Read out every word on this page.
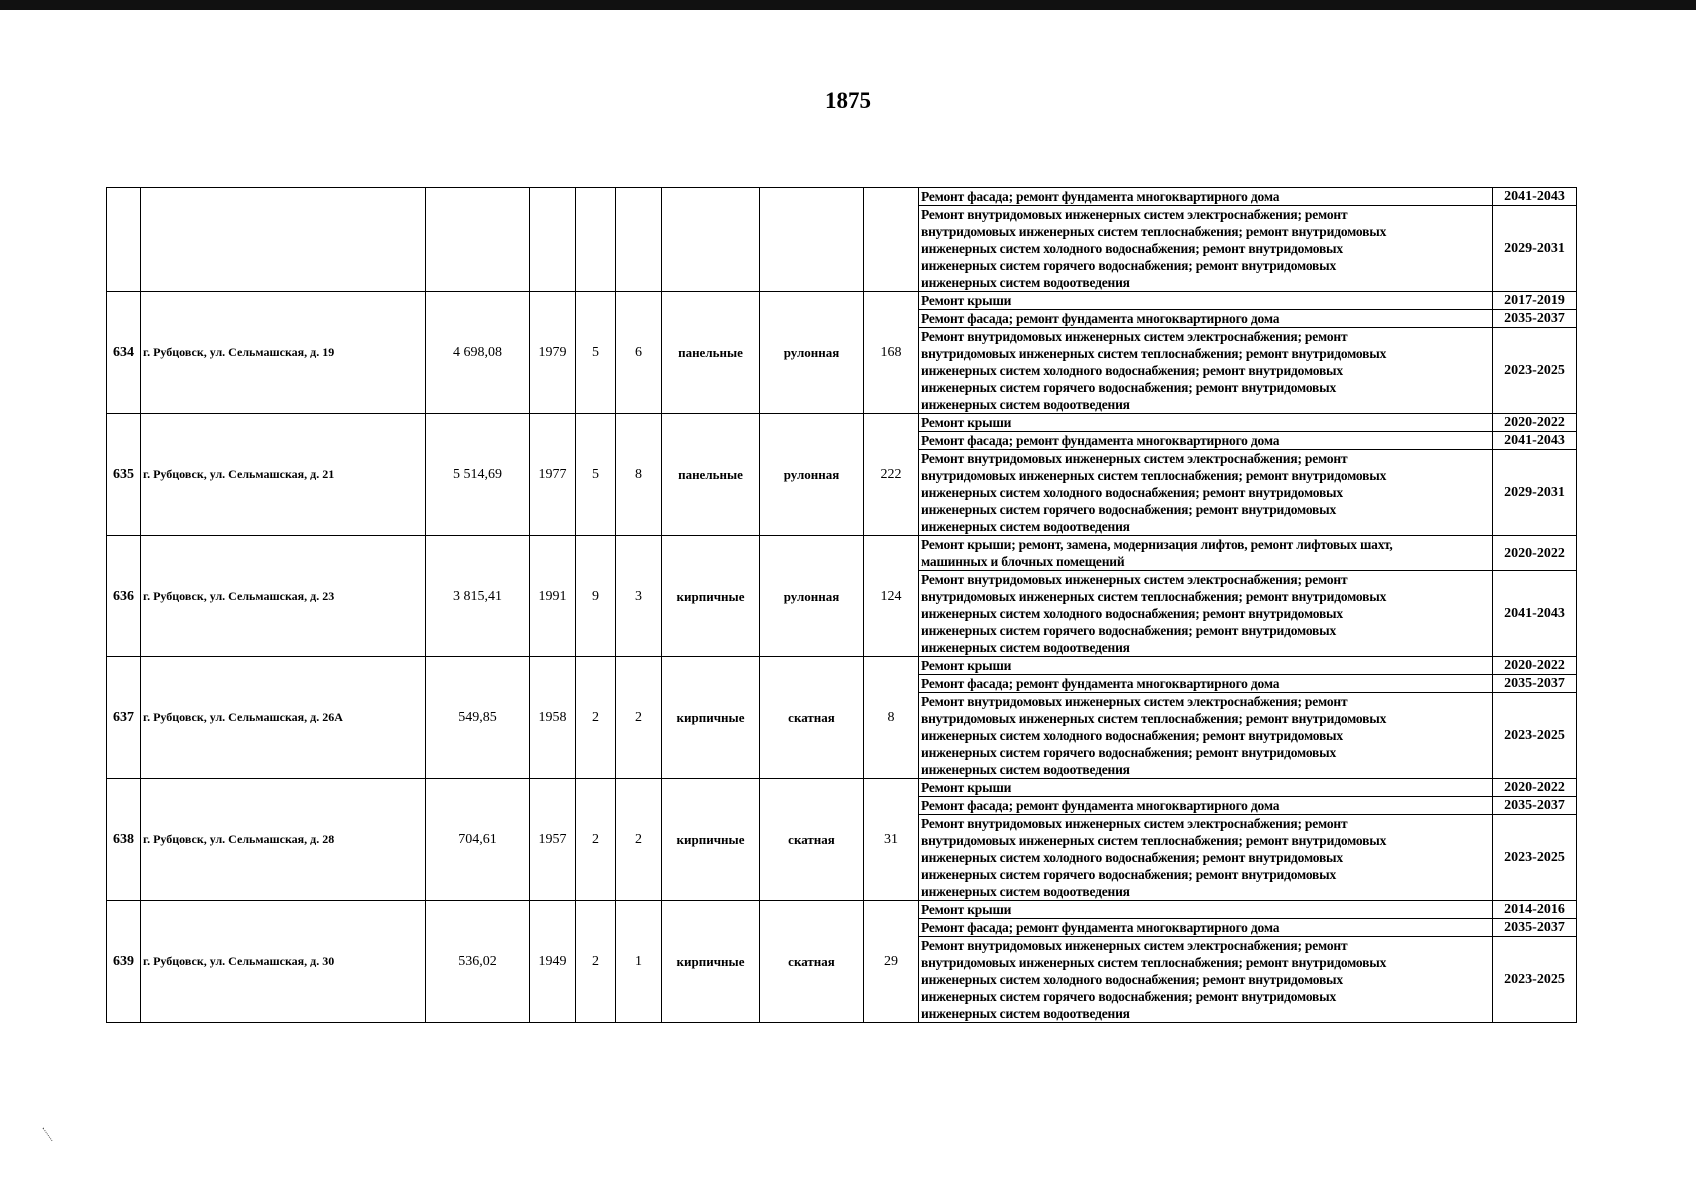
1875

									Ремонт фасада; ремонт фундамента многоквартирного дома	2041-2043

									Ремонт внутридомовых инженерных систем электроснабжения; ремонт
внутридомовых инженерных систем теплоснабжения; ремонт внутридомовых
инженерных систем холодного водоснабжения; ремонт внутридомовых
инженерных систем горячего водоснабжения; ремонт внутридомовых
инженерных систем водоотведения	2029-2031
634	г. Рубцовск, ул. Сельмашская, д. 19	4 698,08	1979	5	6	панельные	рулонная	168	Ремонт крыши	2017-2019

									Ремонт фасада; ремонт фундамента многоквартирного дома	2035-2037

									Ремонт внутридомовых инженерных систем электроснабжения; ремонт
внутридомовых инженерных систем теплоснабжения; ремонт внутридомовых
инженерных систем холодного водоснабжения; ремонт внутридомовых
инженерных систем горячего водоснабжения; ремонт внутридомовых
инженерных систем водоотведения	2023-2025
635	г. Рубцовск, ул. Сельмашская, д. 21	5 514,69	1977	5	8	панельные	рулонная	222	Ремонт крыши	2020-2022

									Ремонт фасада; ремонт фундамента многоквартирного дома	2041-2043

									Ремонт внутридомовых инженерных систем электроснабжения; ремонт
внутридомовых инженерных систем теплоснабжения; ремонт внутридомовых
инженерных систем холодного водоснабжения; ремонт внутридомовых
инженерных систем горячего водоснабжения; ремонт внутридомовых
инженерных систем водоотведения	2029-2031
636	г. Рубцовск, ул. Сельмашская, д. 23	3 815,41	1991	9	3	кирпичные	рулонная	124	Ремонт крыши; ремонт, замена, модернизация лифтов, ремонт лифтовых шахт,
машинных и блочных помещений	2020-2022

									Ремонт внутридомовых инженерных систем электроснабжения; ремонт
внутридомовых инженерных систем теплоснабжения; ремонт внутридомовых
инженерных систем холодного водоснабжения; ремонт внутридомовых
инженерных систем горячего водоснабжения; ремонт внутридомовых
инженерных систем водоотведения	2041-2043
637	г. Рубцовск, ул. Сельмашская, д. 26А	549,85	1958	2	2	кирпичные	скатная	8	Ремонт крыши	2020-2022

									Ремонт фасада; ремонт фундамента многоквартирного дома	2035-2037

									Ремонт внутридомовых инженерных систем электроснабжения; ремонт
внутридомовых инженерных систем теплоснабжения; ремонт внутридомовых
инженерных систем холодного водоснабжения; ремонт внутридомовых
инженерных систем горячего водоснабжения; ремонт внутридомовых
инженерных систем водоотведения	2023-2025
638	г. Рубцовск, ул. Сельмашская, д. 28	704,61	1957	2	2	кирпичные	скатная	31	Ремонт крыши	2020-2022

									Ремонт фасада; ремонт фундамента многоквартирного дома	2035-2037

									Ремонт внутридомовых инженерных систем электроснабжения; ремонт
внутридомовых инженерных систем теплоснабжения; ремонт внутридомовых
инженерных систем холодного водоснабжения; ремонт внутридомовых
инженерных систем горячего водоснабжения; ремонт внутридомовых
инженерных систем водоотведения	2023-2025
639	г. Рубцовск, ул. Сельмашская, д. 30	536,02	1949	2	1	кирпичные	скатная	29	Ремонт крыши	2014-2016

									Ремонт фасада; ремонт фундамента многоквартирного дома	2035-2037

									Ремонт внутридомовых инженерных систем электроснабжения; ремонт
внутридомовых инженерных систем теплоснабжения; ремонт внутридомовых
инженерных систем холодного водоснабжения; ремонт внутридомовых
инженерных систем горячего водоснабжения; ремонт внутридомовых
инженерных систем водоотведения	2023-2025
